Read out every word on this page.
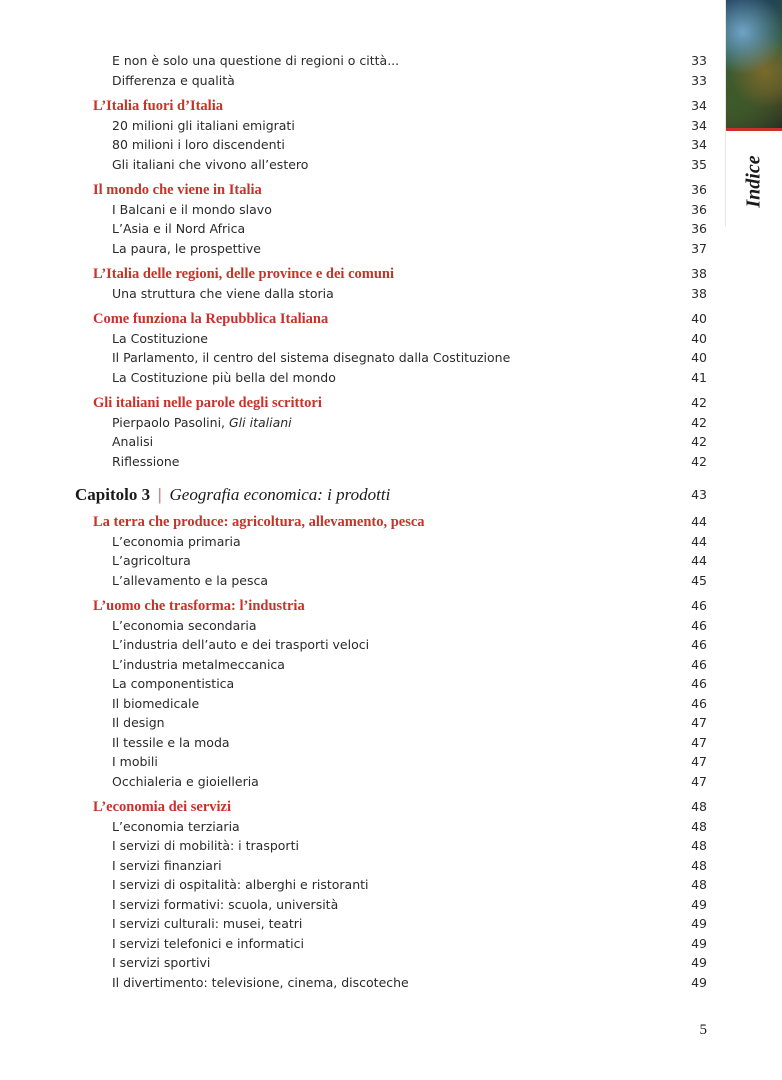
Indice
E non è solo una questione di regioni o città...	33
Differenza e qualità	33
L’Italia fuori d’Italia	34
20 milioni gli italiani emigrati	34
80 milioni i loro discendenti	34
Gli italiani che vivono all’estero	35
Il mondo che viene in Italia	36
I Balcani e il mondo slavo	36
L’Asia e il Nord Africa	36
La paura, le prospettive	37
L’Italia delle regioni, delle province e dei comuni	38
Una struttura che viene dalla storia	38
Come funziona la Repubblica Italiana	40
La Costituzione	40
Il Parlamento, il centro del sistema disegnato dalla Costituzione	40
La Costituzione più bella del mondo	41
Gli italiani nelle parole degli scrittori	42
Pierpaolo Pasolini, Gli italiani	42
Analisi	42
Riflessione	42
Capitolo 3 | Geografia economica: i prodotti	43
La terra che produce: agricoltura, allevamento, pesca	44
L’economia primaria	44
L’agricoltura	44
L’allevamento e la pesca	45
L’uomo che trasforma: l’industria	46
L’economia secondaria	46
L’industria dell’auto e dei trasporti veloci	46
L’industria metalmeccanica	46
La componentistica	46
Il biomedicale	46
Il design	47
Il tessile e la moda	47
I mobili	47
Occhialeria e gioielleria	47
L’economia dei servizi	48
L’economia terziaria	48
I servizi di mobilità: i trasporti	48
I servizi finanziari	48
I servizi di ospitalità: alberghi e ristoranti	48
I servizi formativi: scuola, università	49
I servizi culturali: musei, teatri	49
I servizi telefonici e informatici	49
I servizi sportivi	49
Il divertimento: televisione, cinema, discoteche	49
5
